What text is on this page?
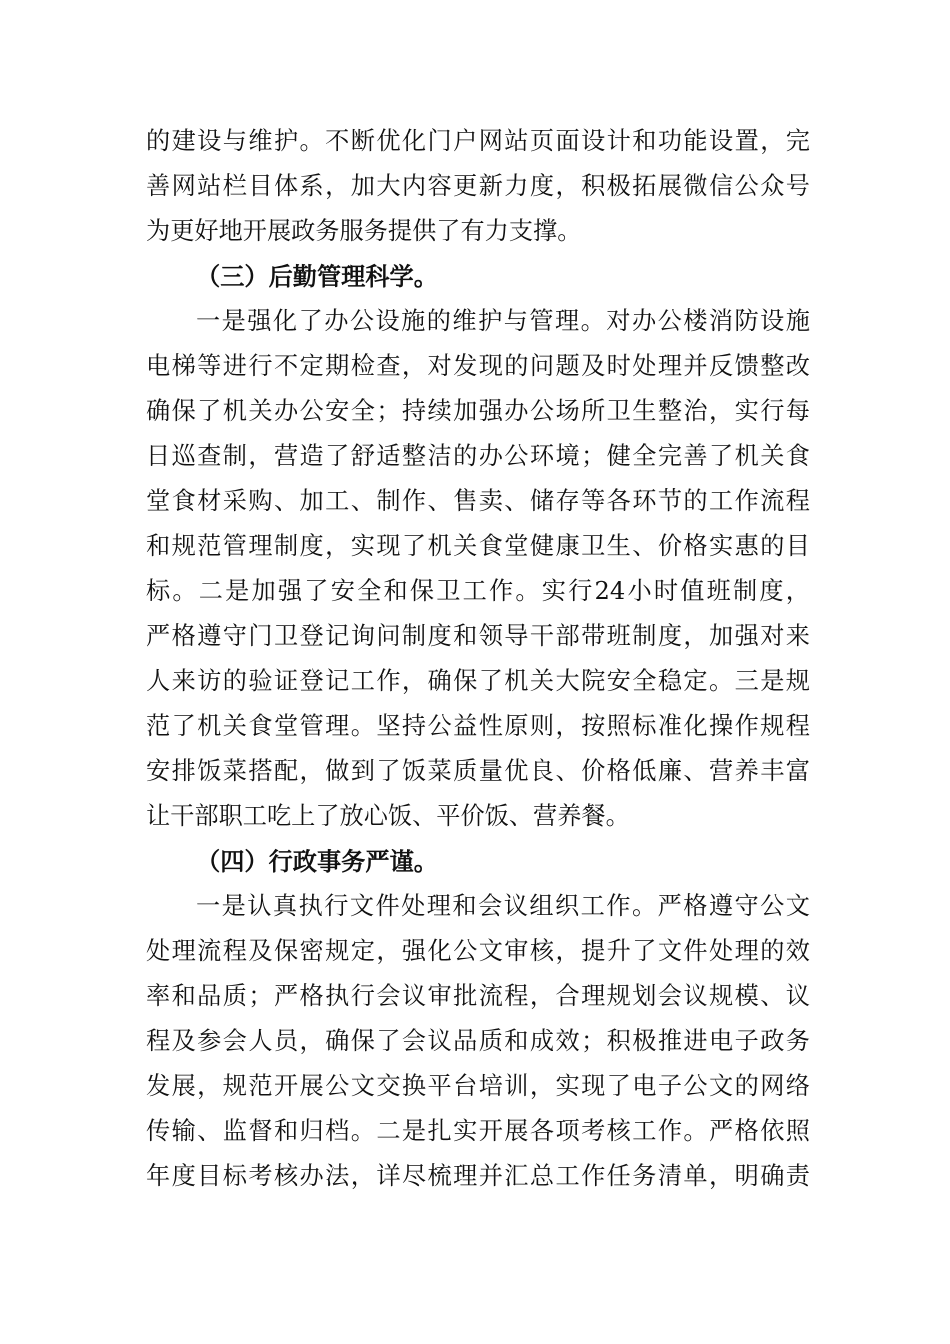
的建设与维护。不断优化门户网站页面设计和功能设置，完
善网站栏目体系，加大内容更新力度，积极拓展微信公众号
为更好地开展政务服务提供了有力支撑。
（三）后勤管理科学。
一是强化了办公设施的维护与管理。对办公楼消防设施
电梯等进行不定期检查，对发现的问题及时处理并反馈整改
确保了机关办公安全；持续加强办公场所卫生整治，实行每
日巡查制，营造了舒适整洁的办公环境；健全完善了机关食
堂食材采购、加工、制作、售卖、储存等各环节的工作流程
和规范管理制度，实现了机关食堂健康卫生、价格实惠的目
标。二是加强了安全和保卫工作。实行24小时值班制度，
严格遵守门卫登记询问制度和领导干部带班制度，加强对来
人来访的验证登记工作，确保了机关大院安全稳定。三是规
范了机关食堂管理。坚持公益性原则，按照标准化操作规程
安排饭菜搭配，做到了饭菜质量优良、价格低廉、营养丰富
让干部职工吃上了放心饭、平价饭、营养餐。
（四）行政事务严谨。
一是认真执行文件处理和会议组织工作。严格遵守公文
处理流程及保密规定，强化公文审核，提升了文件处理的效
率和品质；严格执行会议审批流程，合理规划会议规模、议
程及参会人员，确保了会议品质和成效；积极推进电子政务
发展，规范开展公文交换平台培训，实现了电子公文的网络
传输、监督和归档。二是扎实开展各项考核工作。严格依照
年度目标考核办法，详尽梳理并汇总工作任务清单，明确责
